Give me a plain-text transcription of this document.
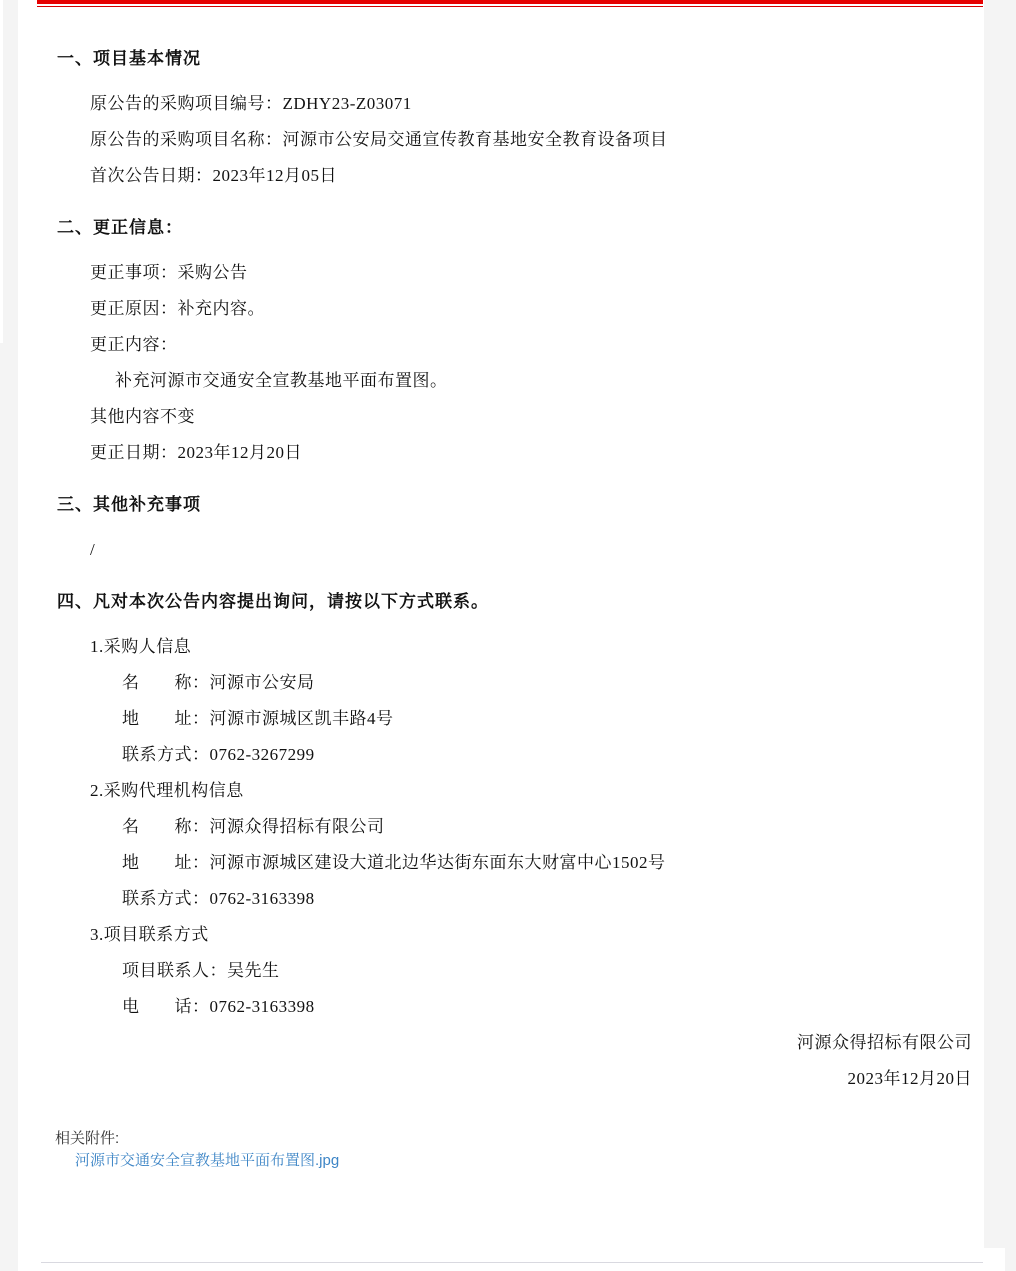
一、项目基本情况
原公告的采购项目编号：ZDHY23-Z03071
原公告的采购项目名称：河源市公安局交通宣传教育基地安全教育设备项目
首次公告日期：2023年12月05日
二、更正信息：
更正事项：采购公告
更正原因：补充内容。
更正内容：
补充河源市交通安全宣教基地平面布置图。
其他内容不变
更正日期：2023年12月20日
三、其他补充事项
/
四、凡对本次公告内容提出询问，请按以下方式联系。
1.采购人信息
名　　称：河源市公安局
地　　址：河源市源城区凯丰路4号
联系方式：0762-3267299
2.采购代理机构信息
名　　称：河源众得招标有限公司
地　　址：河源市源城区建设大道北边华达街东面东大财富中心1502号
联系方式：0762-3163398
3.项目联系方式
项目联系人：吴先生
电　　话：0762-3163398
河源众得招标有限公司
2023年12月20日
相关附件:
河源市交通安全宣教基地平面布置图.jpg
